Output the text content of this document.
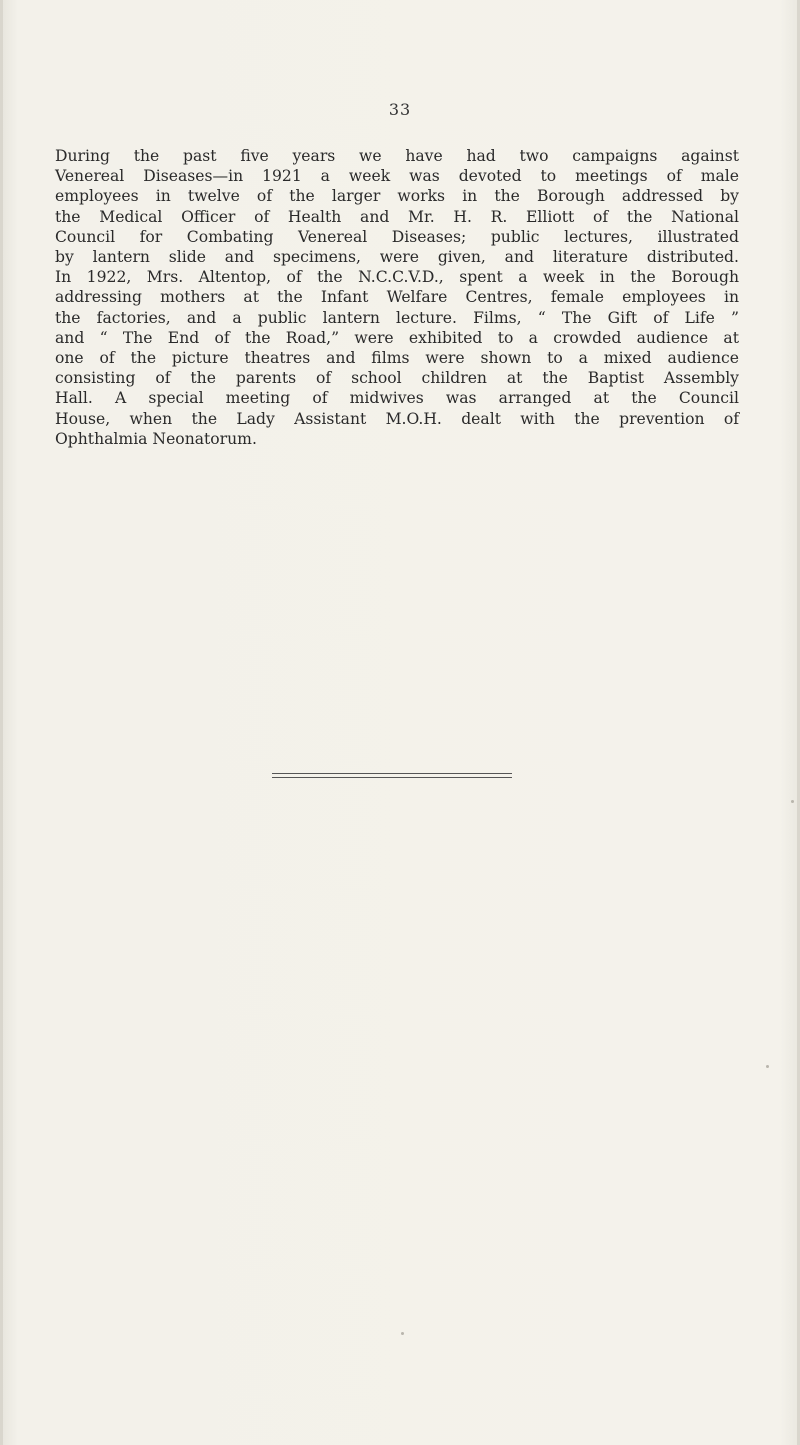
33
During the past five years we have had two campaigns against
Venereal Diseases—in 1921 a week was devoted to meetings of male
employees in twelve of the larger works in the Borough addressed by
the Medical Officer of Health and Mr. H. R. Elliott of the National
Council for Combating Venereal Diseases; public lectures, illustrated
by lantern slide and specimens, were given, and literature distributed.
In 1922, Mrs. Altentop, of the N.C.C.V.D., spent a week in the Borough
addressing mothers at the Infant Welfare Centres, female employees in
the factories, and a public lantern lecture. Films, “ The Gift of Life ”
and “ The End of the Road,” were exhibited to a crowded audience at
one of the picture theatres and films were shown to a mixed audience
consisting of the parents of school children at the Baptist Assembly
Hall. A special meeting of midwives was arranged at the Council
House, when the Lady Assistant M.O.H. dealt with the prevention of
Ophthalmia Neonatorum.
